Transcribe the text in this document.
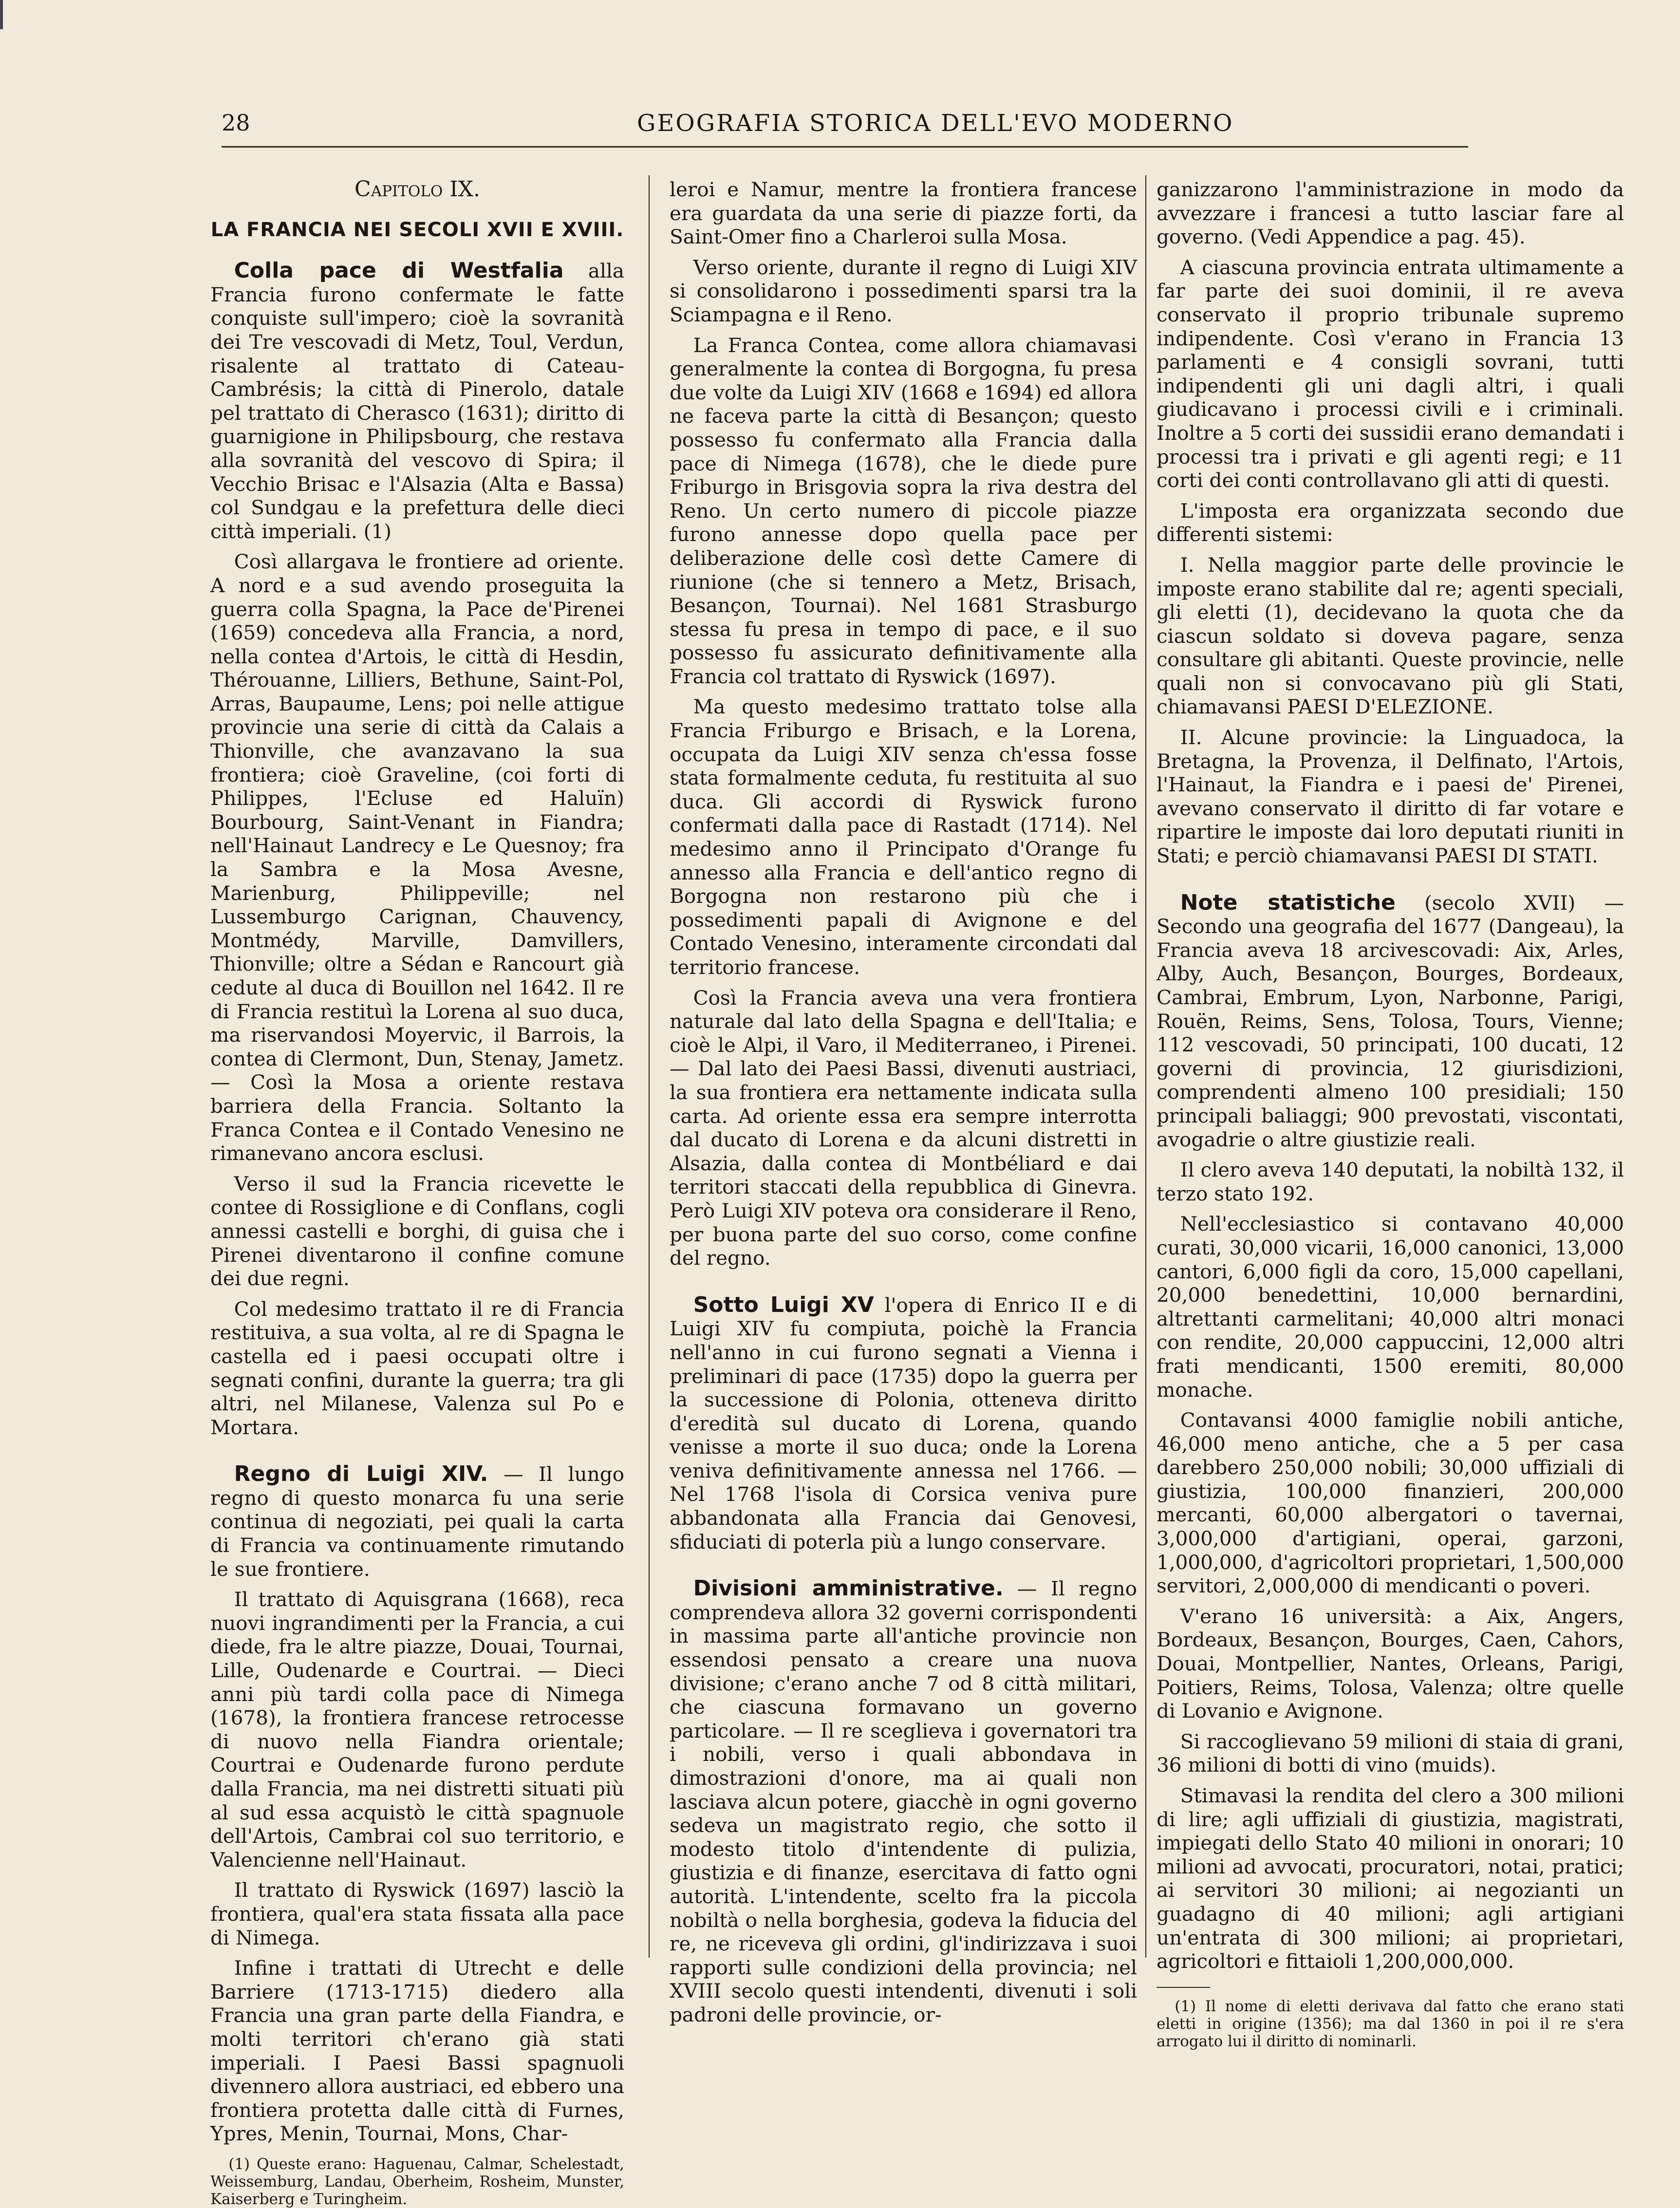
28	GEOGRAFIA STORICA DELL'EVO MODERNO
Capitolo IX.
LA FRANCIA NEI SECOLI XVII E XVIII.

Colla pace di Westfalia alla Francia furono confermate le fatte conquiste sull'impero; cioè la sovranità dei Tre vescovadi di Metz, Toul, Verdun, risalente al trattato di Cateau-Cambrésis; la città di Pinerolo, datale pel trattato di Cherasco (1631); diritto di guarnigione in Philipsbourg, che restava alla sovranità del vescovo di Spira; il Vecchio Brisac e l'Alsazia (Alta e Bassa) col Sundgau e la prefettura delle dieci città imperiali. (1)

Così allargava le frontiere ad oriente. A nord e a sud avendo proseguita la guerra colla Spagna, la Pace de'Pirenei (1659) concedeva alla Francia, a nord, nella contea d'Artois, le città di Hesdin, Thérouanne, Lilliers, Bethune, Saint-Pol, Arras, Baupaume, Lens; poi nelle attigue provincie una serie di città da Calais a Thionville, che avanzavano la sua frontiera; cioè Graveline, (coi forti di Philippes, l'Ecluse ed Haluïn) Bourbourg, Saint-Venant in Fiandra; nell'Hainaut Landrecy e Le Quesnoy; fra la Sambra e la Mosa Avesne, Marienburg, Philippeville; nel Lussemburgo Carignan, Chauvency, Montmédy, Marville, Damvillers, Thionville; oltre a Sédan e Rancourt già cedute al duca di Bouillon nel 1642. Il re di Francia restituì la Lorena al suo duca, ma riservandosi Moyervic, il Barrois, la contea di Clermont, Dun, Stenay, Jametz. — Così la Mosa a oriente restava barriera della Francia. Soltanto la Franca Contea e il Contado Venesino ne rimanevano ancora esclusi.

Verso il sud la Francia ricevette le contee di Rossiglione e di Conflans, cogli annessi castelli e borghi, di guisa che i Pirenei diventarono il confine comune dei due regni.

Col medesimo trattato il re di Francia restituiva, a sua volta, al re di Spagna le castella ed i paesi occupati oltre i segnati confini, durante la guerra; tra gli altri, nel Milanese, Valenza sul Po e Mortara.

Regno di Luigi XIV. — Il lungo regno di questo monarca fu una serie continua di negoziati, pei quali la carta di Francia va continuamente rimutando le sue frontiere.

Il trattato di Aquisgrana (1668), reca nuovi ingrandimenti per la Francia, a cui diede, fra le altre piazze, Douai, Tournai, Lille, Oudenarde e Courtrai. — Dieci anni più tardi colla pace di Nimega (1678), la frontiera francese retrocesse di nuovo nella Fiandra orientale; Courtrai e Oudenarde furono perdute dalla Francia, ma nei distretti situati più al sud essa acquistò le città spagnuole dell'Artois, Cambrai col suo territorio, e Valencienne nell'Hainaut.

Il trattato di Ryswick (1697) lasciò la frontiera, qual'era stata fissata alla pace di Nimega.

Infine i trattati di Utrecht e delle Barriere (1713-1715) diedero alla Francia una gran parte della Fiandra, e molti territori ch'erano già stati imperiali. I Paesi Bassi spagnuoli divennero allora austriaci, ed ebbero una frontiera protetta dalle città di Furnes, Ypres, Menin, Tournai, Mons, Char-

(1) Queste erano: Haguenau, Calmar, Schelestadt, Weissemburg, Landau, Oberheim, Rosheim, Munster, Kaiserberg e Turingheim.

leroi e Namur, mentre la frontiera francese era guardata da una serie di piazze forti, da Saint-Omer fino a Charleroi sulla Mosa.

Verso oriente, durante il regno di Luigi XIV si consolidarono i possedimenti sparsi tra la Sciampagna e il Reno.

La Franca Contea, come allora chiamavasi generalmente la contea di Borgogna, fu presa due volte da Luigi XIV (1668 e 1694) ed allora ne faceva parte la città di Besançon; questo possesso fu confermato alla Francia dalla pace di Nimega (1678), che le diede pure Friburgo in Brisgovia sopra la riva destra del Reno. Un certo numero di piccole piazze furono annesse dopo quella pace per deliberazione delle così dette Camere di riunione (che si tennero a Metz, Brisach, Besançon, Tournai). Nel 1681 Strasburgo stessa fu presa in tempo di pace, e il suo possesso fu assicurato definitivamente alla Francia col trattato di Ryswick (1697).

Ma questo medesimo trattato tolse alla Francia Friburgo e Brisach, e la Lorena, occupata da Luigi XIV senza ch'essa fosse stata formalmente ceduta, fu restituita al suo duca. Gli accordi di Ryswick furono confermati dalla pace di Rastadt (1714). Nel medesimo anno il Principato d'Orange fu annesso alla Francia e dell'antico regno di Borgogna non restarono più che i possedimenti papali di Avignone e del Contado Venesino, interamente circondati dal territorio francese.

Così la Francia aveva una vera frontiera naturale dal lato della Spagna e dell'Italia; e cioè le Alpi, il Varo, il Mediterraneo, i Pirenei. — Dal lato dei Paesi Bassi, divenuti austriaci, la sua frontiera era nettamente indicata sulla carta. Ad oriente essa era sempre interrotta dal ducato di Lorena e da alcuni distretti in Alsazia, dalla contea di Montbéliard e dai territori staccati della repubblica di Ginevra. Però Luigi XIV poteva ora considerare il Reno, per buona parte del suo corso, come confine del regno.

Sotto Luigi XV l'opera di Enrico II e di Luigi XIV fu compiuta, poichè la Francia nell'anno in cui furono segnati a Vienna i preliminari di pace (1735) dopo la guerra per la successione di Polonia, otteneva diritto d'eredità sul ducato di Lorena, quando venisse a morte il suo duca; onde la Lorena veniva definitivamente annessa nel 1766. — Nel 1768 l'isola di Corsica veniva pure abbandonata alla Francia dai Genovesi, sfiduciati di poterla più a lungo conservare.

Divisioni amministrative. — Il regno comprendeva allora 32 governi corrispondenti in massima parte all'antiche provincie non essendosi pensato a creare una nuova divisione; c'erano anche 7 od 8 città militari, che ciascuna formavano un governo particolare. — Il re sceglieva i governatori tra i nobili, verso i quali abbondava in dimostrazioni d'onore, ma ai quali non lasciava alcun potere, giacchè in ogni governo sedeva un magistrato regio, che sotto il modesto titolo d'intendente di pulizia, giustizia e di finanze, esercitava di fatto ogni autorità. L'intendente, scelto fra la piccola nobiltà o nella borghesia, godeva la fiducia del re, ne riceveva gli ordini, gl'indirizzava i suoi rapporti sulle condizioni della provincia; nel XVIII secolo questi intendenti, divenuti i soli padroni delle provincie, or-

ganizzarono l'amministrazione in modo da avvezzare i francesi a tutto lasciar fare al governo. (Vedi Appendice a pag. 45).

A ciascuna provincia entrata ultimamente a far parte dei suoi dominii, il re aveva conservato il proprio tribunale supremo indipendente. Così v'erano in Francia 13 parlamenti e 4 consigli sovrani, tutti indipendenti gli uni dagli altri, i quali giudicavano i processi civili e i criminali. Inoltre a 5 corti dei sussidii erano demandati i processi tra i privati e gli agenti regi; e 11 corti dei conti controllavano gli atti di questi.

L'imposta era organizzata secondo due differenti sistemi:

I. Nella maggior parte delle provincie le imposte erano stabilite dal re; agenti speciali, gli eletti (1), decidevano la quota che da ciascun soldato si doveva pagare, senza consultare gli abitanti. Queste provincie, nelle quali non si convocavano più gli Stati, chiamavansi PAESI D'ELEZIONE.

II. Alcune provincie: la Linguadoca, la Bretagna, la Provenza, il Delfinato, l'Artois, l'Hainaut, la Fiandra e i paesi de' Pirenei, avevano conservato il diritto di far votare e ripartire le imposte dai loro deputati riuniti in Stati; e perciò chiamavansi PAESI DI STATI.

Note statistiche (secolo XVII) — Secondo una geografia del 1677 (Dangeau), la Francia aveva 18 arcivescovadi: Aix, Arles, Alby, Auch, Besançon, Bourges, Bordeaux, Cambrai, Embrum, Lyon, Narbonne, Parigi, Rouën, Reims, Sens, Tolosa, Tours, Vienne; 112 vescovadi, 50 principati, 100 ducati, 12 governi di provincia, 12 giurisdizioni, comprendenti almeno 100 presidiali; 150 principali baliaggi; 900 prevostati, viscontati, avogadrie o altre giustizie reali.

Il clero aveva 140 deputati, la nobiltà 132, il terzo stato 192.

Nell'ecclesiastico si contavano 40,000 curati, 30,000 vicarii, 16,000 canonici, 13,000 cantori, 6,000 figli da coro, 15,000 capellani, 20,000 benedettini, 10,000 bernardini, altrettanti carmelitani; 40,000 altri monaci con rendite, 20,000 cappuccini, 12,000 altri frati mendicanti, 1500 eremiti, 80,000 monache.

Contavansi 4000 famiglie nobili antiche, 46,000 meno antiche, che a 5 per casa darebbero 250,000 nobili; 30,000 uffiziali di giustizia, 100,000 finanzieri, 200,000 mercanti, 60,000 albergatori o tavernai, 3,000,000 d'artigiani, operai, garzoni, 1,000,000, d'agricoltori proprietari, 1,500,000 servitori, 2,000,000 di mendicanti o poveri.

V'erano 16 università: a Aix, Angers, Bordeaux, Besançon, Bourges, Caen, Cahors, Douai, Montpellier, Nantes, Orleans, Parigi, Poitiers, Reims, Tolosa, Valenza; oltre quelle di Lovanio e Avignone.

Si raccoglievano 59 milioni di staia di grani, 36 milioni di botti di vino (muids).

Stimavasi la rendita del clero a 300 milioni di lire; agli uffiziali di giustizia, magistrati, impiegati dello Stato 40 milioni in onorari; 10 milioni ad avvocati, procuratori, notai, pratici; ai servitori 30 milioni; ai negozianti un guadagno di 40 milioni; agli artigiani un'entrata di 300 milioni; ai proprietari, agricoltori e fittaioli 1,200,000,000.

(1) Il nome di eletti derivava dal fatto che erano stati eletti in origine (1356); ma dal 1360 in poi il re s'era arrogato lui il diritto di nominarli.
